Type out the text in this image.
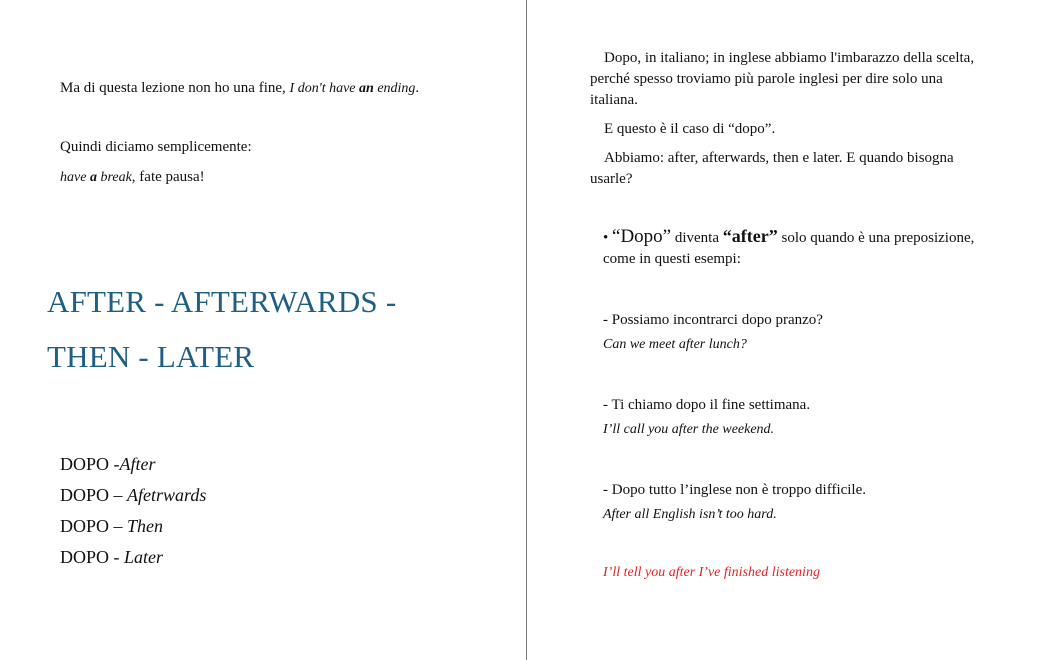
Ma di questa lezione non ho una fine, I don't have an ending.

Quindi diciamo semplicemente:

have a break, fate pausa!

AFTER - AFTERWARDS -
THEN - LATER
DOPO -After
DOPO – Afetrwards
DOPO – Then
DOPO - Later

Dopo, in italiano; in inglese abbiamo l'imbarazzo della scelta, perché spesso troviamo più parole inglesi per dire solo una italiana.

E questo è il caso di “dopo”.

Abbiamo: after, afterwards, then e later. E quando bisogna usarle?

• “Dopo” diventa “after” solo quando è una preposizione, come in questi esempi:

- Possiamo incontrarci dopo pranzo?
Can we meet after lunch?
- Ti chiamo dopo il fine settimana.
I’ll call you after the weekend.
- Dopo tutto l’inglese non è troppo difficile.
After all English isn’t too hard.
I’ll tell you after I’ve finished listening
